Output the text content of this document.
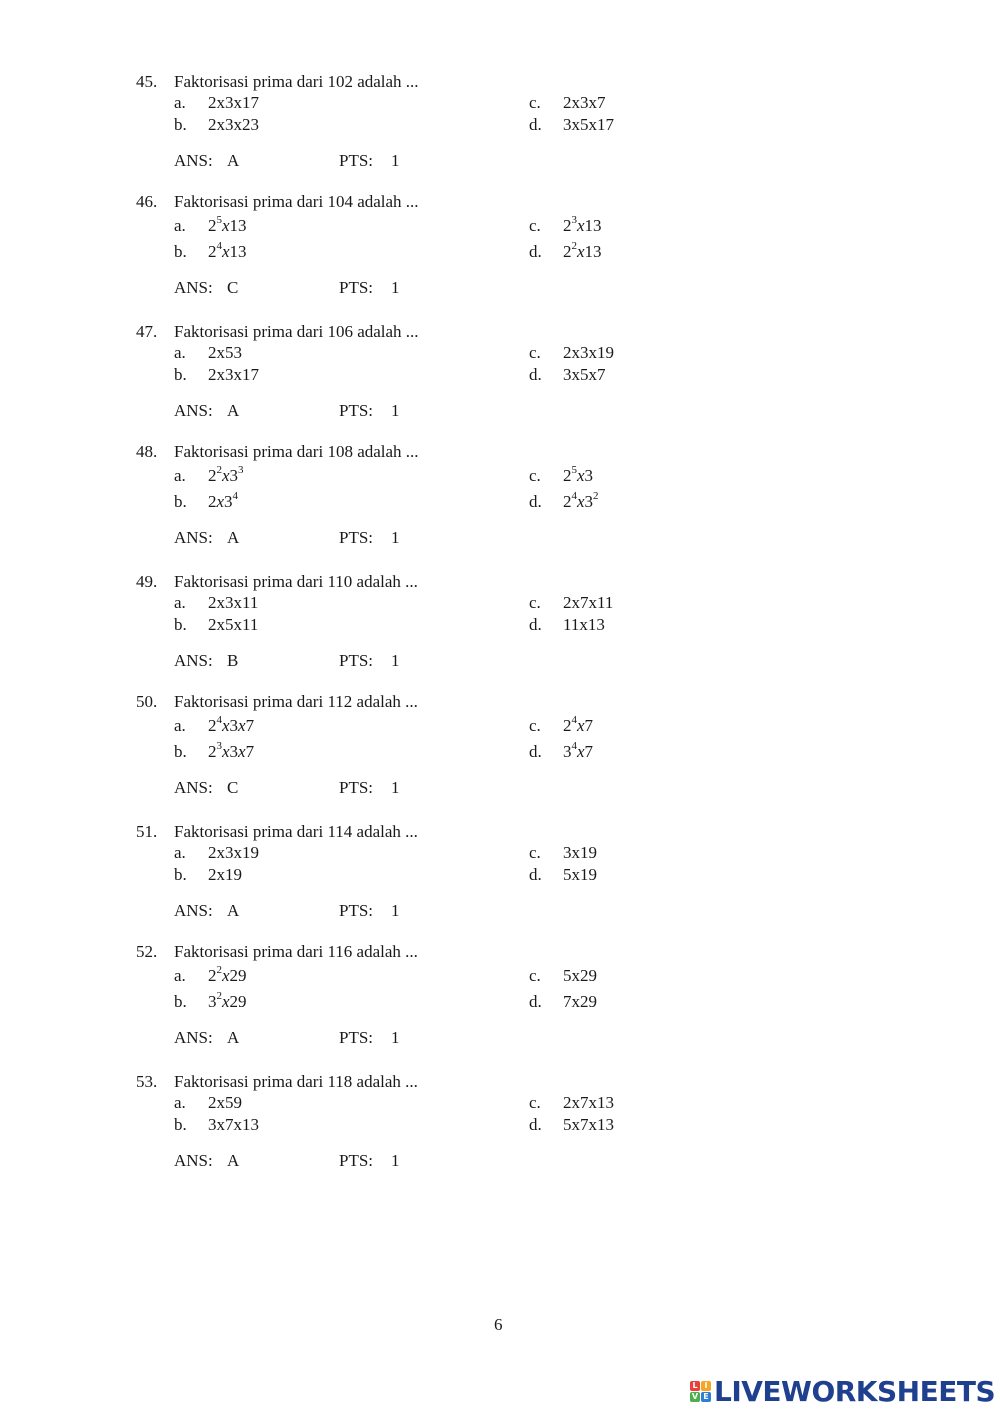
45. Faktorisasi prima dari 102 adalah ...
a. 2x3x17	c. 2x3x7
b. 2x3x23	d. 3x5x17
ANS: A	PTS: 1
46. Faktorisasi prima dari 104 adalah ...
a. $2^5x13$	c. $2^3x13$
b. $2^4x13$	d. $2^2x13$
ANS: C	PTS: 1
47. Faktorisasi prima dari 106 adalah ...
a. 2x53	c. 2x3x19
b. 2x3x17	d. 3x5x7
ANS: A	PTS: 1
48. Faktorisasi prima dari 108 adalah ...
a. $2^2x3^3$	c. $2^5x3$
b. $2x3^4$	d. $2^4x3^2$
ANS: A	PTS: 1
49. Faktorisasi prima dari 110 adalah ...
a. 2x3x11	c. 2x7x11
b. 2x5x11	d. 11x13
ANS: B	PTS: 1
50. Faktorisasi prima dari 112 adalah ...
a. $2^4x3x7$	c. $2^4x7$
b. $2^3x3x7$	d. $3^4x7$
ANS: C	PTS: 1
51. Faktorisasi prima dari 114 adalah ...
a. 2x3x19	c. 3x19
b. 2x19	d. 5x19
ANS: A	PTS: 1
52. Faktorisasi prima dari 116 adalah ...
a. $2^2x29$	c. 5x29
b. $3^2x29$	d. 7x29
ANS: A	PTS: 1
53. Faktorisasi prima dari 118 adalah ...
a. 2x59	c. 2x7x13
b. 3x7x13	d. 5x7x13
ANS: A	PTS: 1
6
L I
V E LIVEWORKSHEETS
